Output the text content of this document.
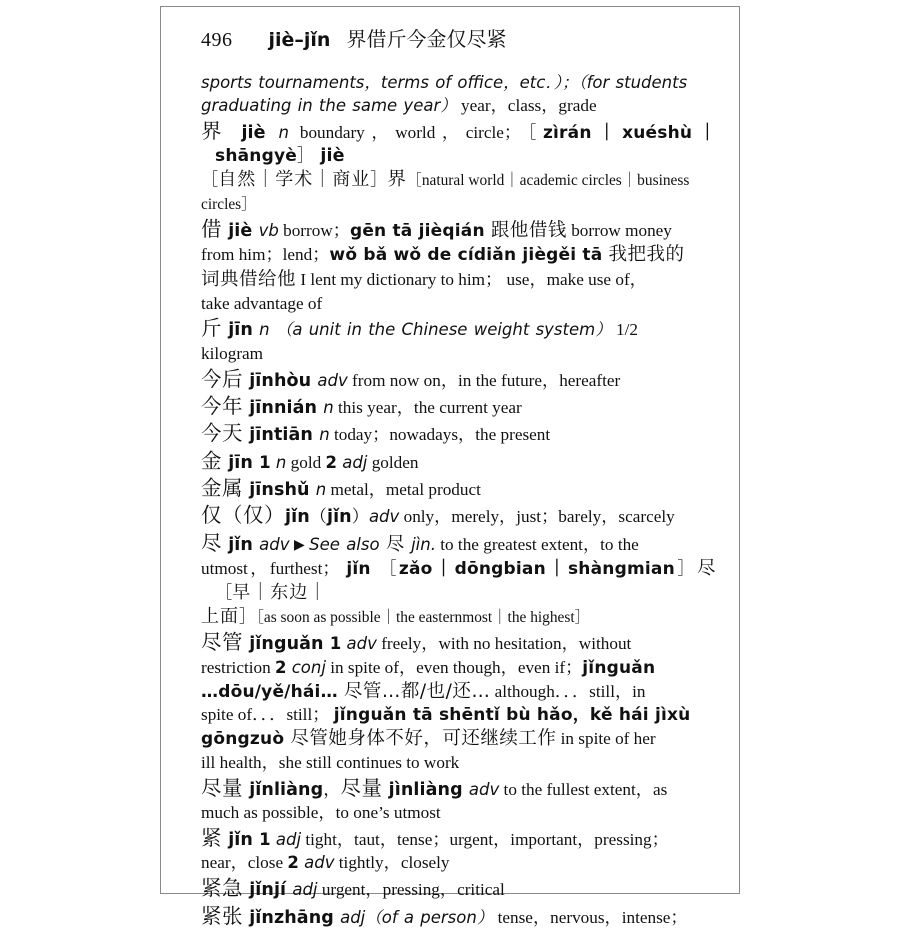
496 jiè–jǐn 界借斤今金仅尽紧

sports tournaments，terms of office，etc．）；（for students

graduating in the same year） year，class，grade

界 jiè n boundary，world，circle；［zìrán｜xuéshù｜shāngyè］ jiè

［自然｜学术｜商业］界［natural world｜academic circles｜business

circles］

借 jiè vb borrow；gēn tā jièqián 跟他借钱 borrow money

from him；lend；wǒ bǎ wǒ de cídiǎn jiègěi tā 我把我的

词典借给他 I lent my dictionary to him； use，make use of，

take advantage of

斤 jīn n （a unit in the Chinese weight system） 1/2

kilogram

今后 jīnhòu adv from now on，in the future，hereafter

今年 jīnnián n this year，the current year

今天 jīntiān n today；nowadays，the present

金 jīn 1 n gold 2 adj golden

金属 jīnshǔ n metal，metal product

仅（仅）jǐn（jǐn）adv only，merely，just；barely，scarcely

尽 jǐn adv ▶ See also 尽 jìn. to the greatest extent，to the

utmost，furthest； jǐn ［zǎo｜dōngbian｜shàngmian］尽 ［早｜东边｜

上面］［as soon as possible｜the easternmost｜the highest］

尽管 jǐnguǎn 1 adv freely，with no hesitation，without

restriction 2 conj in spite of，even though，even if；jǐnguǎn

…dōu/yě/hái… 尽管…都/也/还… although．．．still，in

spite of．．．still； jǐnguǎn tā shēntǐ bù hǎo，kě hái jìxù

gōngzuò 尽管她身体不好，可还继续工作 in spite of her

ill health，she still continues to work

尽量 jǐnliàng，尽量 jìnliàng adv to the fullest extent，as

much as possible，to one’s utmost

紧 jǐn 1 adj tight，taut，tense；urgent，important，pressing；

near，close 2 adv tightly，closely

紧急 jǐnjí adj urgent，pressing，critical

紧张 jǐnzhāng adj（of a person） tense，nervous，intense；
